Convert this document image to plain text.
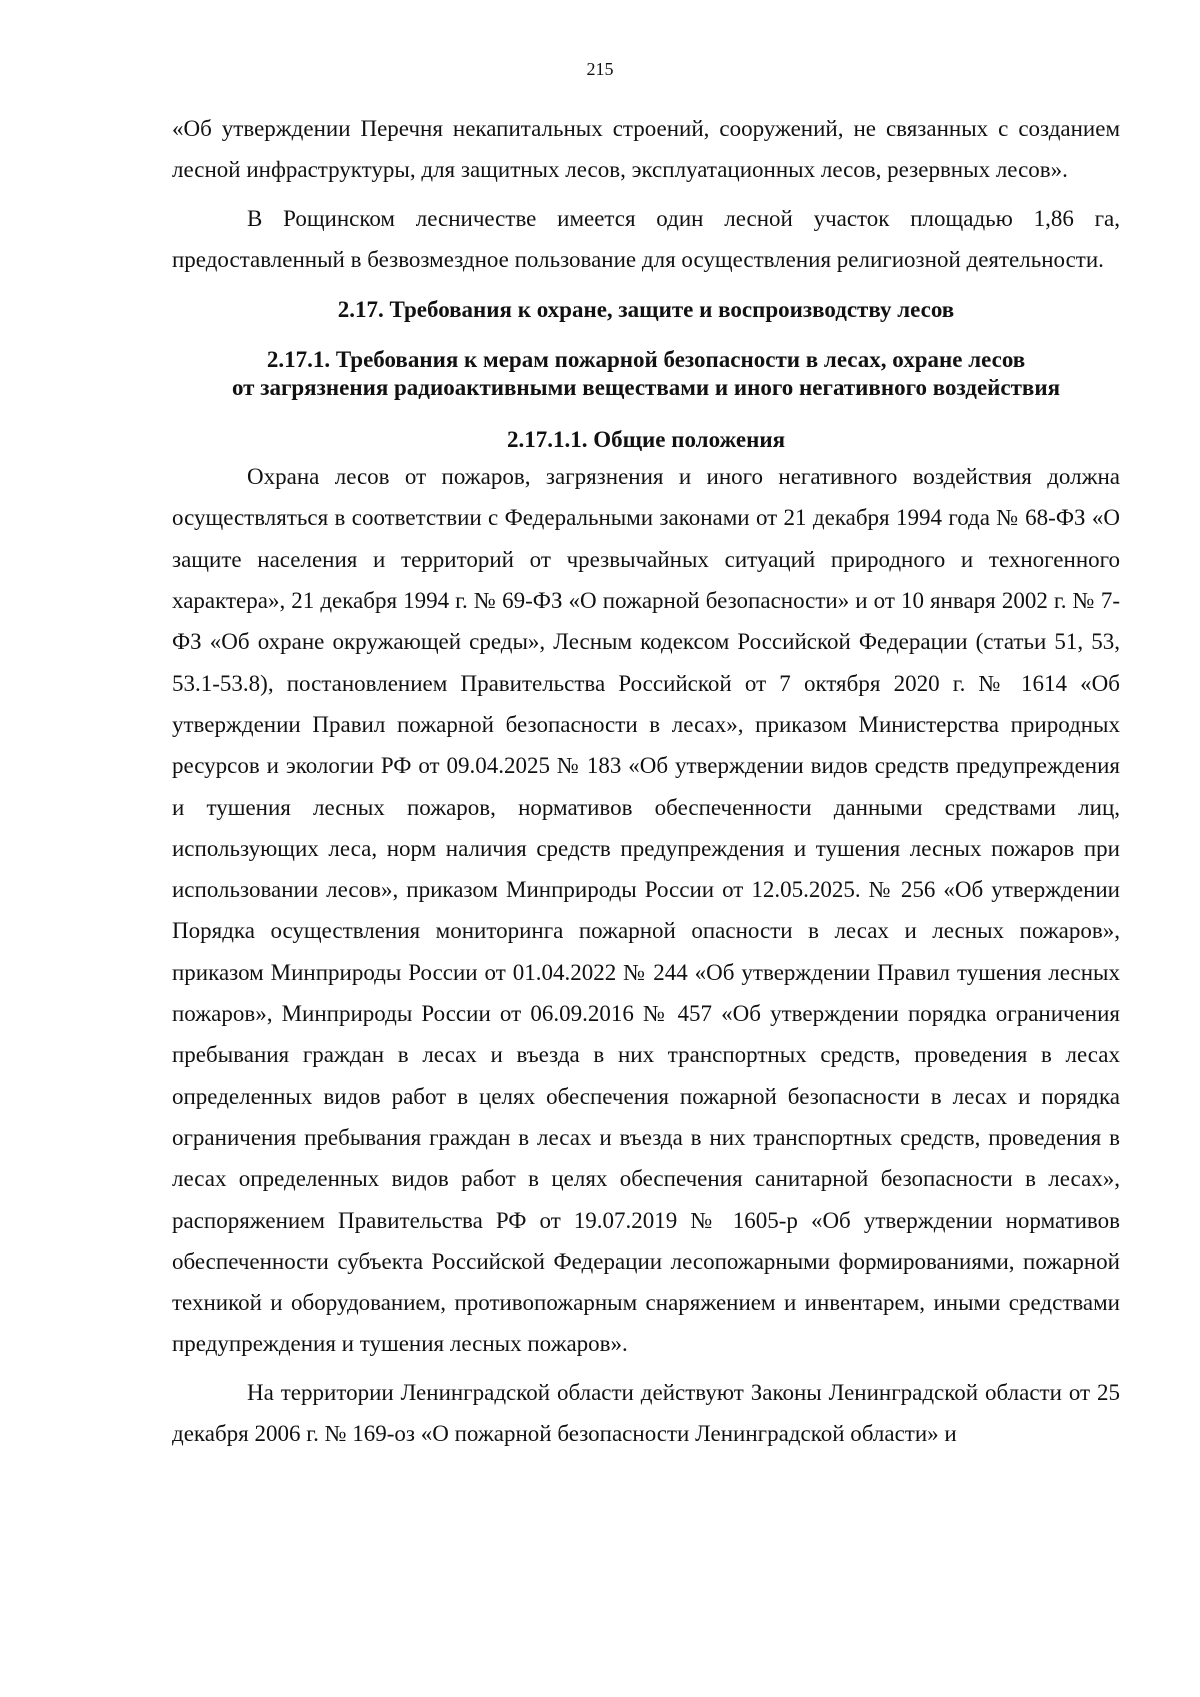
215

«Об утверждении Перечня некапитальных строений, сооружений, не связанных с созданием лесной инфраструктуры, для защитных лесов, эксплуатационных лесов, резервных лесов».

В Рощинском лесничестве имеется один лесной участок площадью 1,86 га, предоставленный в безвозмездное пользование для осуществления религиозной деятельности.

2.17. Требования к охране, защите и воспроизводству лесов
2.17.1. Требования к мерам пожарной безопасности в лесах, охране лесов
от загрязнения радиоактивными веществами и иного негативного воздействия
2.17.1.1. Общие положения

Охрана лесов от пожаров, загрязнения и иного негативного воздействия должна осуществляться в соответствии с Федеральными законами от 21 декабря 1994 года № 68-ФЗ «О защите населения и территорий от чрезвычайных ситуаций природного и техногенного характера», 21 декабря 1994 г. № 69-ФЗ «О пожарной безопасности» и от 10 января 2002 г. № 7-ФЗ «Об охране окружающей среды», Лесным кодексом Российской Федерации (статьи 51, 53, 53.1-53.8), постановлением Правительства Российской от 7 октября 2020 г. № 1614 «Об утверждении Правил пожарной безопасности в лесах», приказом Министерства природных ресурсов и экологии РФ от 09.04.2025 № 183 «Об утверждении видов средств предупреждения и тушения лесных пожаров, нормативов обеспеченности данными средствами лиц, использующих леса, норм наличия средств предупреждения и тушения лесных пожаров при использовании лесов», приказом Минприроды России от 12.05.2025. № 256 «Об утверждении Порядка осуществления мониторинга пожарной опасности в лесах и лесных пожаров», приказом Минприроды России от 01.04.2022 № 244 «Об утверждении Правил тушения лесных пожаров», Минприроды России от 06.09.2016 № 457 «Об утверждении порядка ограничения пребывания граждан в лесах и въезда в них транспортных средств, проведения в лесах определенных видов работ в целях обеспечения пожарной безопасности в лесах и порядка ограничения пребывания граждан в лесах и въезда в них транспортных средств, проведения в лесах определенных видов работ в целях обеспечения санитарной безопасности в лесах», распоряжением Правительства РФ от 19.07.2019 № 1605-р «Об утверждении нормативов обеспеченности субъекта Российской Федерации лесопожарными формированиями, пожарной техникой и оборудованием, противопожарным снаряжением и инвентарем, иными средствами предупреждения и тушения лесных пожаров».

На территории Ленинградской области действуют Законы Ленинградской области от 25 декабря 2006 г. № 169-оз «О пожарной безопасности Ленинградской области» и
